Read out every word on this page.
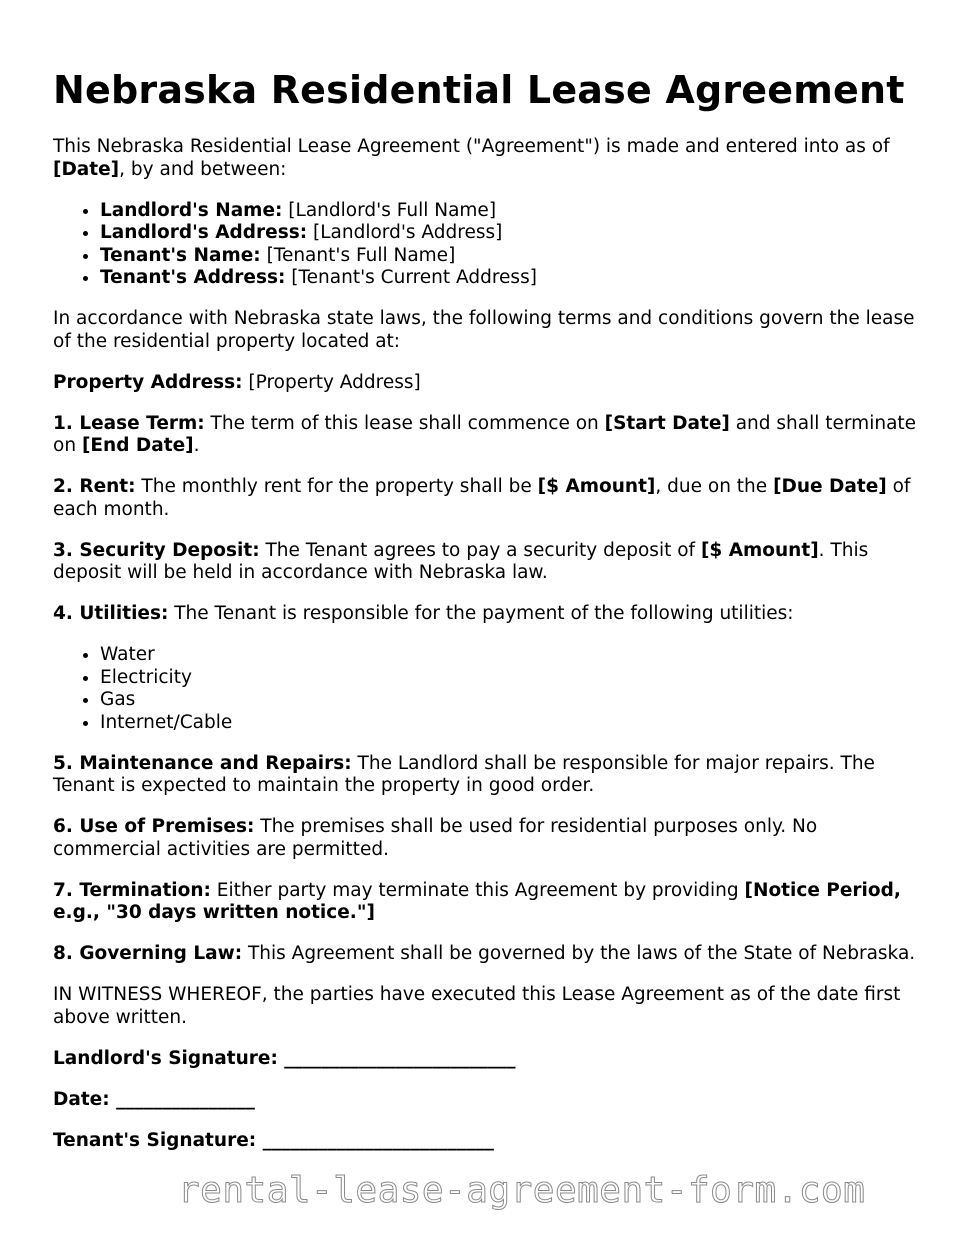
Nebraska Residential Lease Agreement

This Nebraska Residential Lease Agreement ("Agreement") is made and entered into as of [Date], by and between:

• Landlord's Name: [Landlord's Full Name]
• Landlord's Address: [Landlord's Address]
• Tenant's Name: [Tenant's Full Name]
• Tenant's Address: [Tenant's Current Address]

In accordance with Nebraska state laws, the following terms and conditions govern the lease of the residential property located at:

Property Address: [Property Address]

1. Lease Term: The term of this lease shall commence on [Start Date] and shall terminate on [End Date].

2. Rent: The monthly rent for the property shall be [$ Amount], due on the [Due Date] of each month.

3. Security Deposit: The Tenant agrees to pay a security deposit of [$ Amount]. This deposit will be held in accordance with Nebraska law.

4. Utilities: The Tenant is responsible for the payment of the following utilities:

• Water
• Electricity
• Gas
• Internet/Cable

5. Maintenance and Repairs: The Landlord shall be responsible for major repairs. The Tenant is expected to maintain the property in good order.

6. Use of Premises: The premises shall be used for residential purposes only. No commercial activities are permitted.

7. Termination: Either party may terminate this Agreement by providing [Notice Period, e.g., "30 days written notice."]

8. Governing Law: This Agreement shall be governed by the laws of the State of Nebraska.

IN WITNESS WHEREOF, the parties have executed this Lease Agreement as of the date first above written.

Landlord's Signature: _________________________

Date: _______________

Tenant's Signature: _________________________

rental-lease-agreement-form.com
